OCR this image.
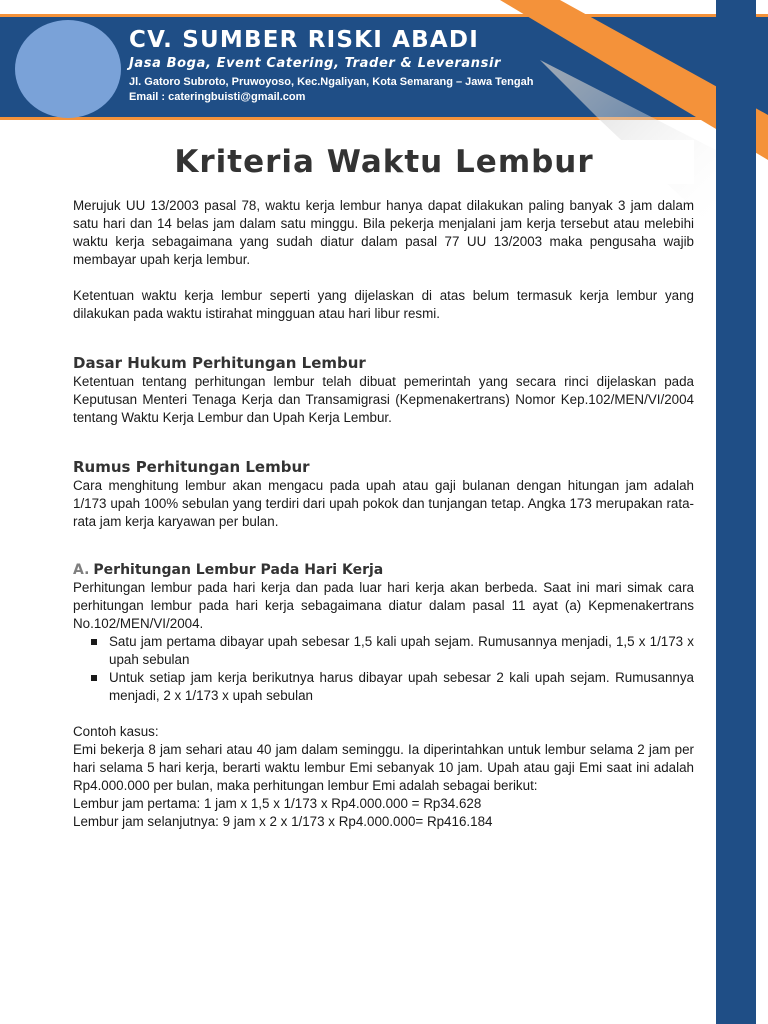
CV. SUMBER RISKI ABADI
Jasa Boga, Event Catering, Trader & Leveransir
Jl. Gatoro Subroto, Pruwoyoso, Kec.Ngaliyan, Kota Semarang – Jawa Tengah
Email : cateringbuisti@gmail.com
Kriteria Waktu Lembur

Merujuk UU 13/2003 pasal 78, waktu kerja lembur hanya dapat dilakukan paling banyak 3 jam dalam satu hari dan 14 belas jam dalam satu minggu. Bila pekerja menjalani jam kerja tersebut atau melebihi waktu kerja sebagaimana yang sudah diatur dalam pasal 77 UU 13/2003 maka pengusaha wajib membayar upah kerja lembur.

Ketentuan waktu kerja lembur seperti yang dijelaskan di atas belum termasuk kerja lembur yang dilakukan pada waktu istirahat mingguan atau hari libur resmi.

Dasar Hukum Perhitungan Lembur

Ketentuan tentang perhitungan lembur telah dibuat pemerintah yang secara rinci dijelaskan pada Keputusan Menteri Tenaga Kerja dan Transamigrasi (Kepmenakertrans) Nomor Kep.102/MEN/VI/2004 tentang Waktu Kerja Lembur dan Upah Kerja Lembur.

Rumus Perhitungan Lembur

Cara menghitung lembur akan mengacu pada upah atau gaji bulanan dengan hitungan jam adalah 1/173 upah 100% sebulan yang terdiri dari upah pokok dan tunjangan tetap. Angka 173 merupakan rata-rata jam kerja karyawan per bulan.

A. Perhitungan Lembur Pada Hari Kerja

Perhitungan lembur pada hari kerja dan pada luar hari kerja akan berbeda. Saat ini mari simak cara perhitungan lembur pada hari kerja sebagaimana diatur dalam pasal 11 ayat (a) Kepmenakertrans No.102/MEN/VI/2004.

Satu jam pertama dibayar upah sebesar 1,5 kali upah sejam. Rumusannya menjadi, 1,5 x 1/173 x upah sebulan
Untuk setiap jam kerja berikutnya harus dibayar upah sebesar 2 kali upah sejam. Rumusannya menjadi, 2 x 1/173 x upah sebulan

Contoh kasus:

Emi bekerja 8 jam sehari atau 40 jam dalam seminggu. Ia diperintahkan untuk lembur selama 2 jam per hari selama 5 hari kerja, berarti waktu lembur Emi sebanyak 10 jam. Upah atau gaji Emi saat ini adalah Rp4.000.000 per bulan, maka perhitungan lembur Emi adalah sebagai berikut:

Lembur jam pertama: 1 jam x 1,5 x 1/173 x Rp4.000.000 = Rp34.628

Lembur jam selanjutnya: 9 jam x 2 x 1/173 x Rp4.000.000= Rp416.184
